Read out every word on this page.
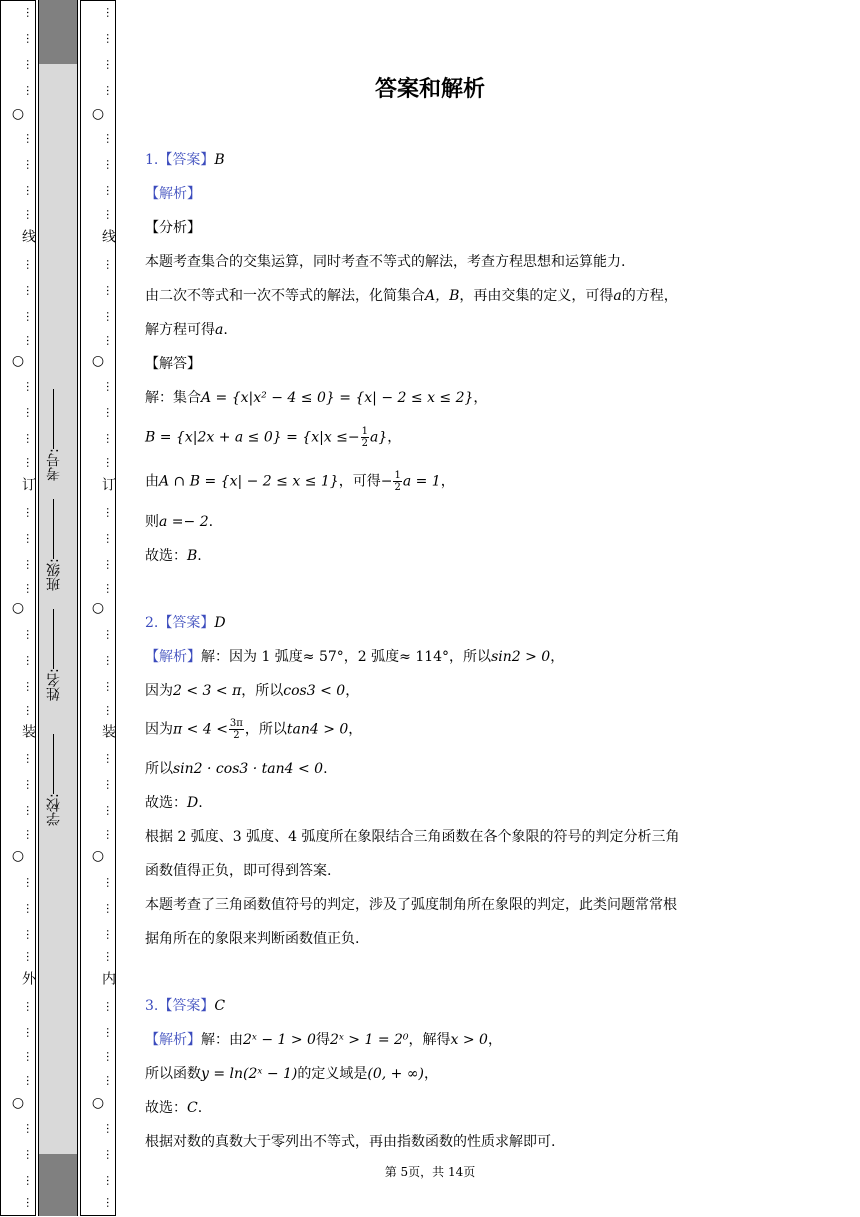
…
…
…
…
○
…
…
…
…
线
…
…
…
…
○
…
…
…
…
订
…
…
…
…
○
…
…
…
…
装
…
…
…
…
○
…
…
…
…
外
…
…
…
…
○
…
…
…
…
学校:
姓名:
班级:
考号:
…
…
…
…
○
…
…
…
…
线
…
…
…
…
○
…
…
…
…
订
…
…
…
…
○
…
…
…
…
装
…
…
…
…
○
…
…
…
…
内
…
…
…
…
○
…
…
…
…
答案和解析
1.【答案】B
【解析】
【分析】
本题考查集合的交集运算，同时考查不等式的解法，考查方程思想和运算能力.
由二次不等式和一次不等式的解法，化简集合A，B，再由交集的定义，可得a的方程，
解方程可得a.
【解答】
解：集合A = {x|x² − 4 ≤ 0} = {x| − 2 ≤ x ≤ 2}，
$B = \{x|2x + a \le 0\} = \{x|x \le- \frac{1}{2} a\}$，
由A ∩ B = {x| − 2 ≤ x ≤ 1}，可得− $\frac{1}{2}$ a = 1，
则a =− 2.
故选：B.
2.【答案】D
【解析】解：因为 1 弧度≈ 57°，2 弧度≈ 114°，所以sin2 > 0，
因为2 < 3 < π，所以cos3 < 0，
因为$\pi < 4 < \frac{3\pi}{2}$ ，所以tan4 > 0，
所以sin2 · cos3 · tan4 < 0.
故选：D.
根据 2 弧度、3 弧度、4 弧度所在象限结合三角函数在各个象限的符号的判定分析三角
函数值得正负，即可得到答案.
本题考查了三角函数值符号的判定，涉及了弧度制角所在象限的判定，此类问题常常根
据角所在的象限来判断函数值正负.
3.【答案】C
【解析】解：由2ˣ − 1 > 0得2ˣ > 1 = 2⁰，解得x > 0，
所以函数y = ln(2ˣ − 1)的定义域是(0, + ∞)，
故选：C.
根据对数的真数大于零列出不等式，再由指数函数的性质求解即可.
第 5页，共 14页
